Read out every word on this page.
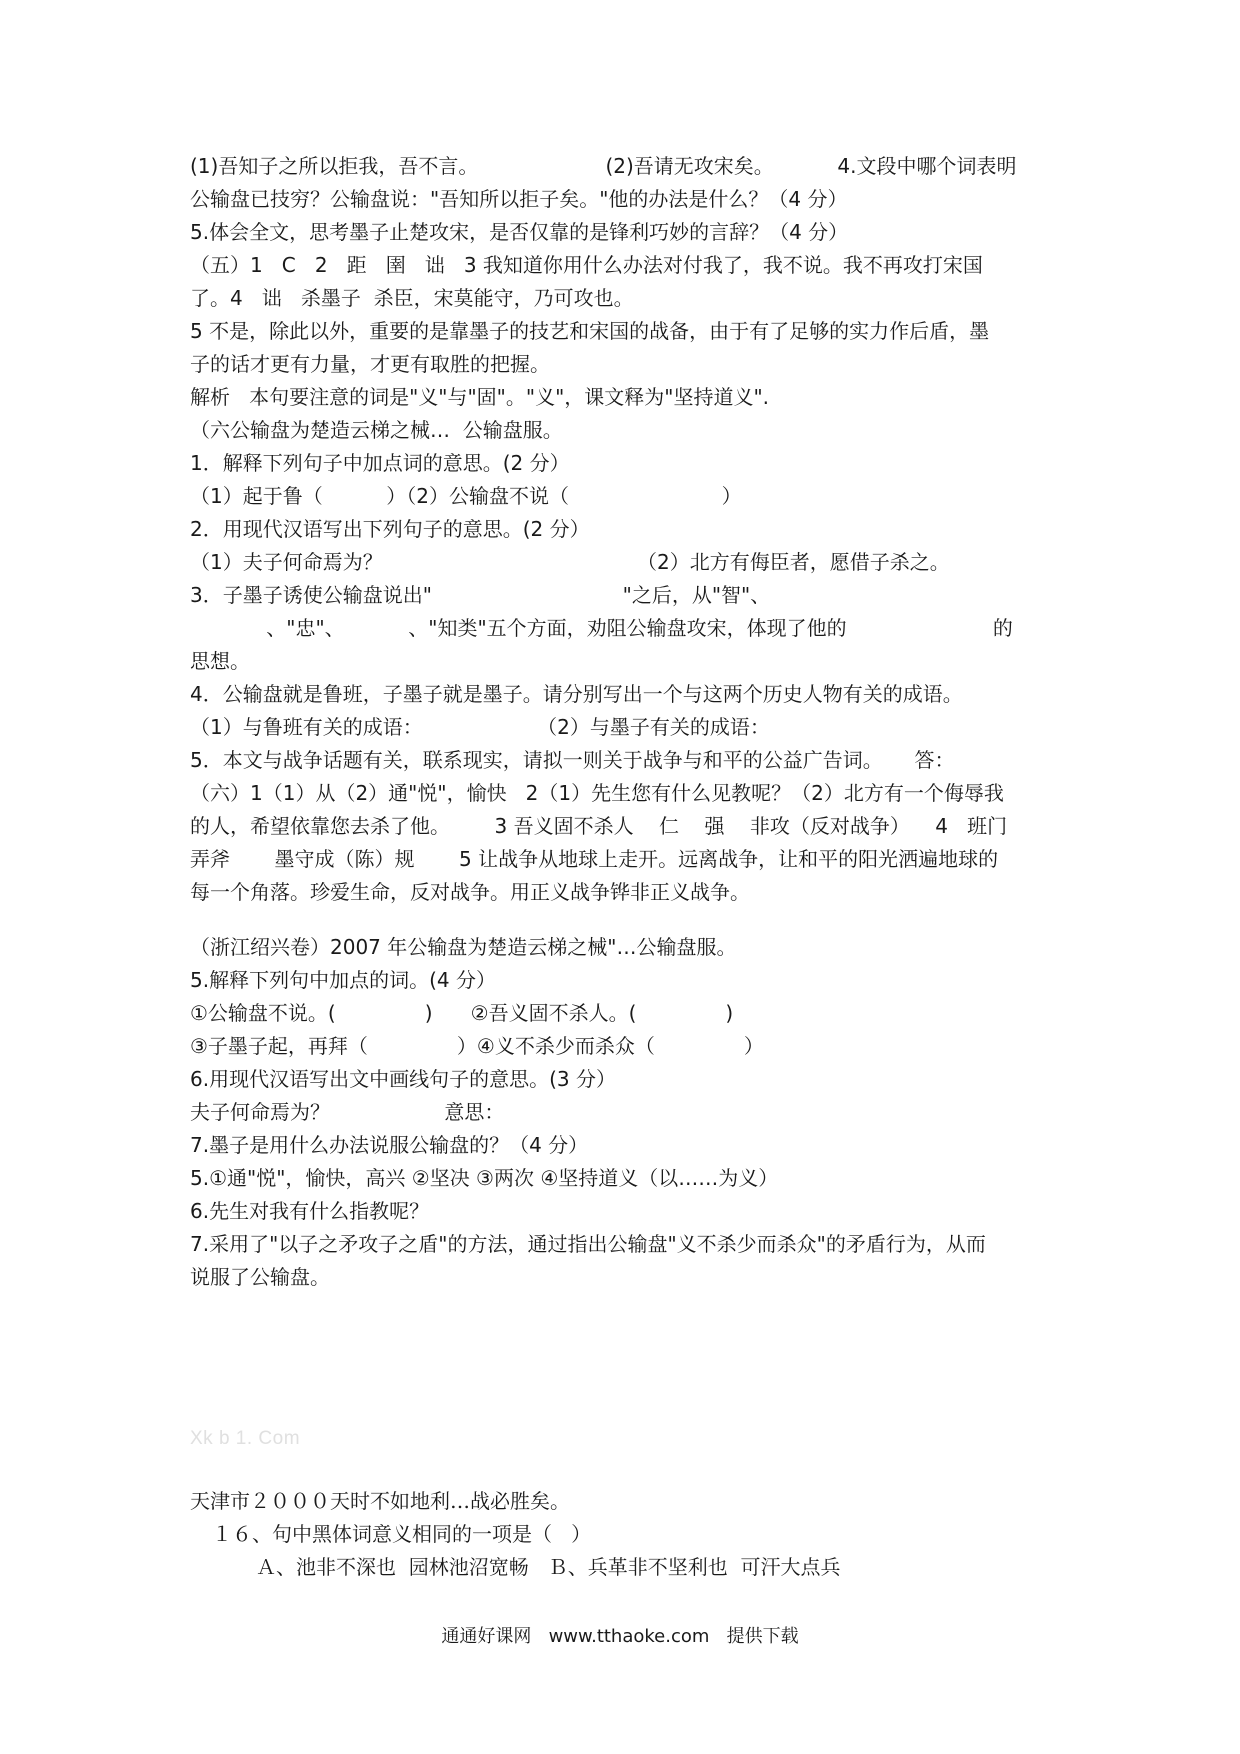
(1)吾知子之所以拒我，吾不言。                    (2)吾请无攻宋矣。          4.文段中哪个词表明
公输盘已技穷？公输盘说："吾知所以拒子矣。"他的办法是什么？（4 分）
5.体会全文，思考墨子止楚攻宋，是否仅靠的是锋利巧妙的言辞？（4 分）
（五）1   C   2   距   圉   诎   3 我知道你用什么办法对付我了，我不说。我不再攻打宋国
了。4   诎   杀墨子  杀臣，宋莫能守，乃可攻也。
5 不是，除此以外，重要的是靠墨子的技艺和宋国的战备，由于有了足够的实力作后盾，墨
子的话才更有力量，才更有取胜的把握。
解析   本句要注意的词是"义"与"固"。"义"，课文释为"坚持道义".
（六公输盘为楚造云梯之械…  公输盘服。
1．解释下列句子中加点词的意思。(2 分）
（1）起于鲁（          ）（2）公输盘不说（                        ）
2．用现代汉语写出下列句子的意思。(2 分）
（1）夫子何命焉为？                                        （2）北方有侮臣者，愿借子杀之。
3．子墨子诱使公输盘说出"                              "之后，从"智"、
、"忠"、          、"知类"五个方面，劝阻公输盘攻宋，体现了他的                       的
思想。
4．公输盘就是鲁班，子墨子就是墨子。请分别写出一个与这两个历史人物有关的成语。
（1）与鲁班有关的成语：                  （2）与墨子有关的成语：
5．本文与战争话题有关，联系现实，请拟一则关于战争与和平的公益广告词。     答：
（六）1（1）从（2）通"悦"，愉快   2（1）先生您有什么见教呢？（2）北方有一个侮辱我
的人，希望依靠您去杀了他。       3 吾义固不杀人    仁    强    非攻（反对战争）    4   班门
弄斧       墨守成（陈）规       5 让战争从地球上走开。远离战争，让和平的阳光洒遍地球的
每一个角落。珍爱生命，反对战争。用正义战争铧非正义战争。
（浙江绍兴卷）2007 年公输盘为楚造云梯之械"…公输盘服。
5.解释下列句中加点的词。(4 分）
①公输盘不说。(              )      ②吾义固不杀人。(              )
③子墨子起，再拜（              ）④义不杀少而杀众（              ）
6.用现代汉语写出文中画线句子的意思。(3 分）
夫子何命焉为？                  意思：
7.墨子是用什么办法说服公输盘的？（4 分）
5.①通"悦"，愉快，高兴 ②坚决 ③两次 ④坚持道义（以……为义）
6.先生对我有什么指教呢？
7.采用了"以子之矛攻子之盾"的方法，通过指出公输盘"义不杀少而杀众"的矛盾行为，从而
说服了公输盘。
Xk b 1. Com
天津市２０００天时不如地利…战必胜矣。
１６、句中黑体词意义相同的一项是（   ）
Ａ、池非不深也  园林池沼宽畅   Ｂ、兵革非不坚利也  可汗大点兵
通通好课网   www.tthaoke.com   提供下载
